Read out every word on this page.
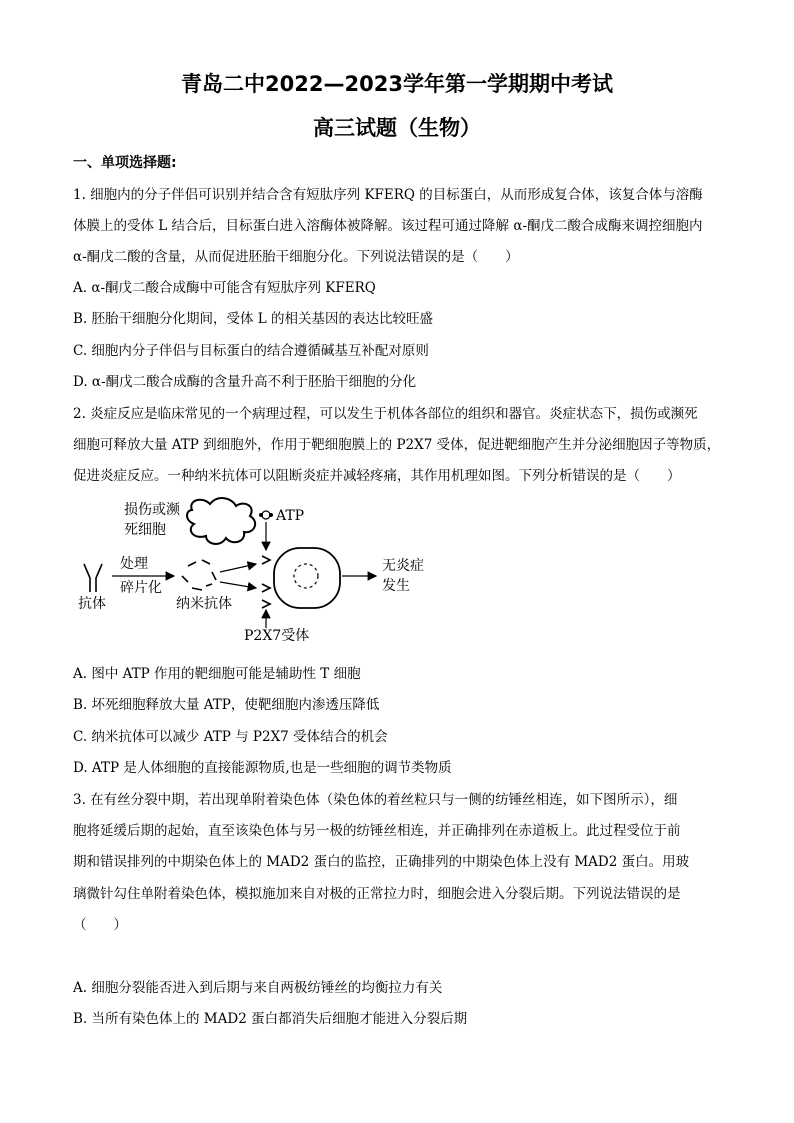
青岛二中2022—2023学年第一学期期中考试
高三试题（生物）
一、单项选择题:
1. 细胞内的分子伴侣可识别并结合含有短肽序列 KFERQ 的目标蛋白，从而形成复合体，该复合体与溶酶
体膜上的受体 L 结合后，目标蛋白进入溶酶体被降解。该过程可通过降解 α-酮戊二酸合成酶来调控细胞内
α-酮戊二酸的含量，从而促进胚胎干细胞分化。下列说法错误的是（　　）
A. α-酮戊二酸合成酶中可能含有短肽序列 KFERQ
B. 胚胎干细胞分化期间，受体 L 的相关基因的表达比较旺盛
C. 细胞内分子伴侣与目标蛋白的结合遵循碱基互补配对原则
D. α-酮戊二酸合成酶的含量升高不利于胚胎干细胞的分化
2. 炎症反应是临床常见的一个病理过程，可以发生于机体各部位的组织和器官。炎症状态下，损伤或濒死
细胞可释放大量 ATP 到细胞外，作用于靶细胞膜上的 P2X7 受体，促进靶细胞产生并分泌细胞因子等物质，
促进炎症反应。一种纳米抗体可以阻断炎症并减轻疼痛，其作用机理如图。下列分析错误的是（　　）
损伤或濒
死细胞
ATP
抗体
处理
碎片化
纳米抗体
P2X7受体
无炎症
发生
A. 图中 ATP 作用的靶细胞可能是辅助性 T 细胞
B. 坏死细胞释放大量 ATP，使靶细胞内渗透压降低
C. 纳米抗体可以减少 ATP 与 P2X7 受体结合的机会
D. ATP 是人体细胞的直接能源物质,也是一些细胞的调节类物质
3. 在有丝分裂中期，若出现单附着染色体（染色体的着丝粒只与一侧的纺锤丝相连，如下图所示），细
胞将延缓后期的起始，直至该染色体与另一极的纺锤丝相连，并正确排列在赤道板上。此过程受位于前
期和错误排列的中期染色体上的 MAD2 蛋白的监控，正确排列的中期染色体上没有 MAD2 蛋白。用玻
璃微针勾住单附着染色体，模拟施加来自对极的正常拉力时，细胞会进入分裂后期。下列说法错误的是
（　　）
A. 细胞分裂能否进入到后期与来自两极纺锤丝的均衡拉力有关
B. 当所有染色体上的 MAD2 蛋白都消失后细胞才能进入分裂后期
